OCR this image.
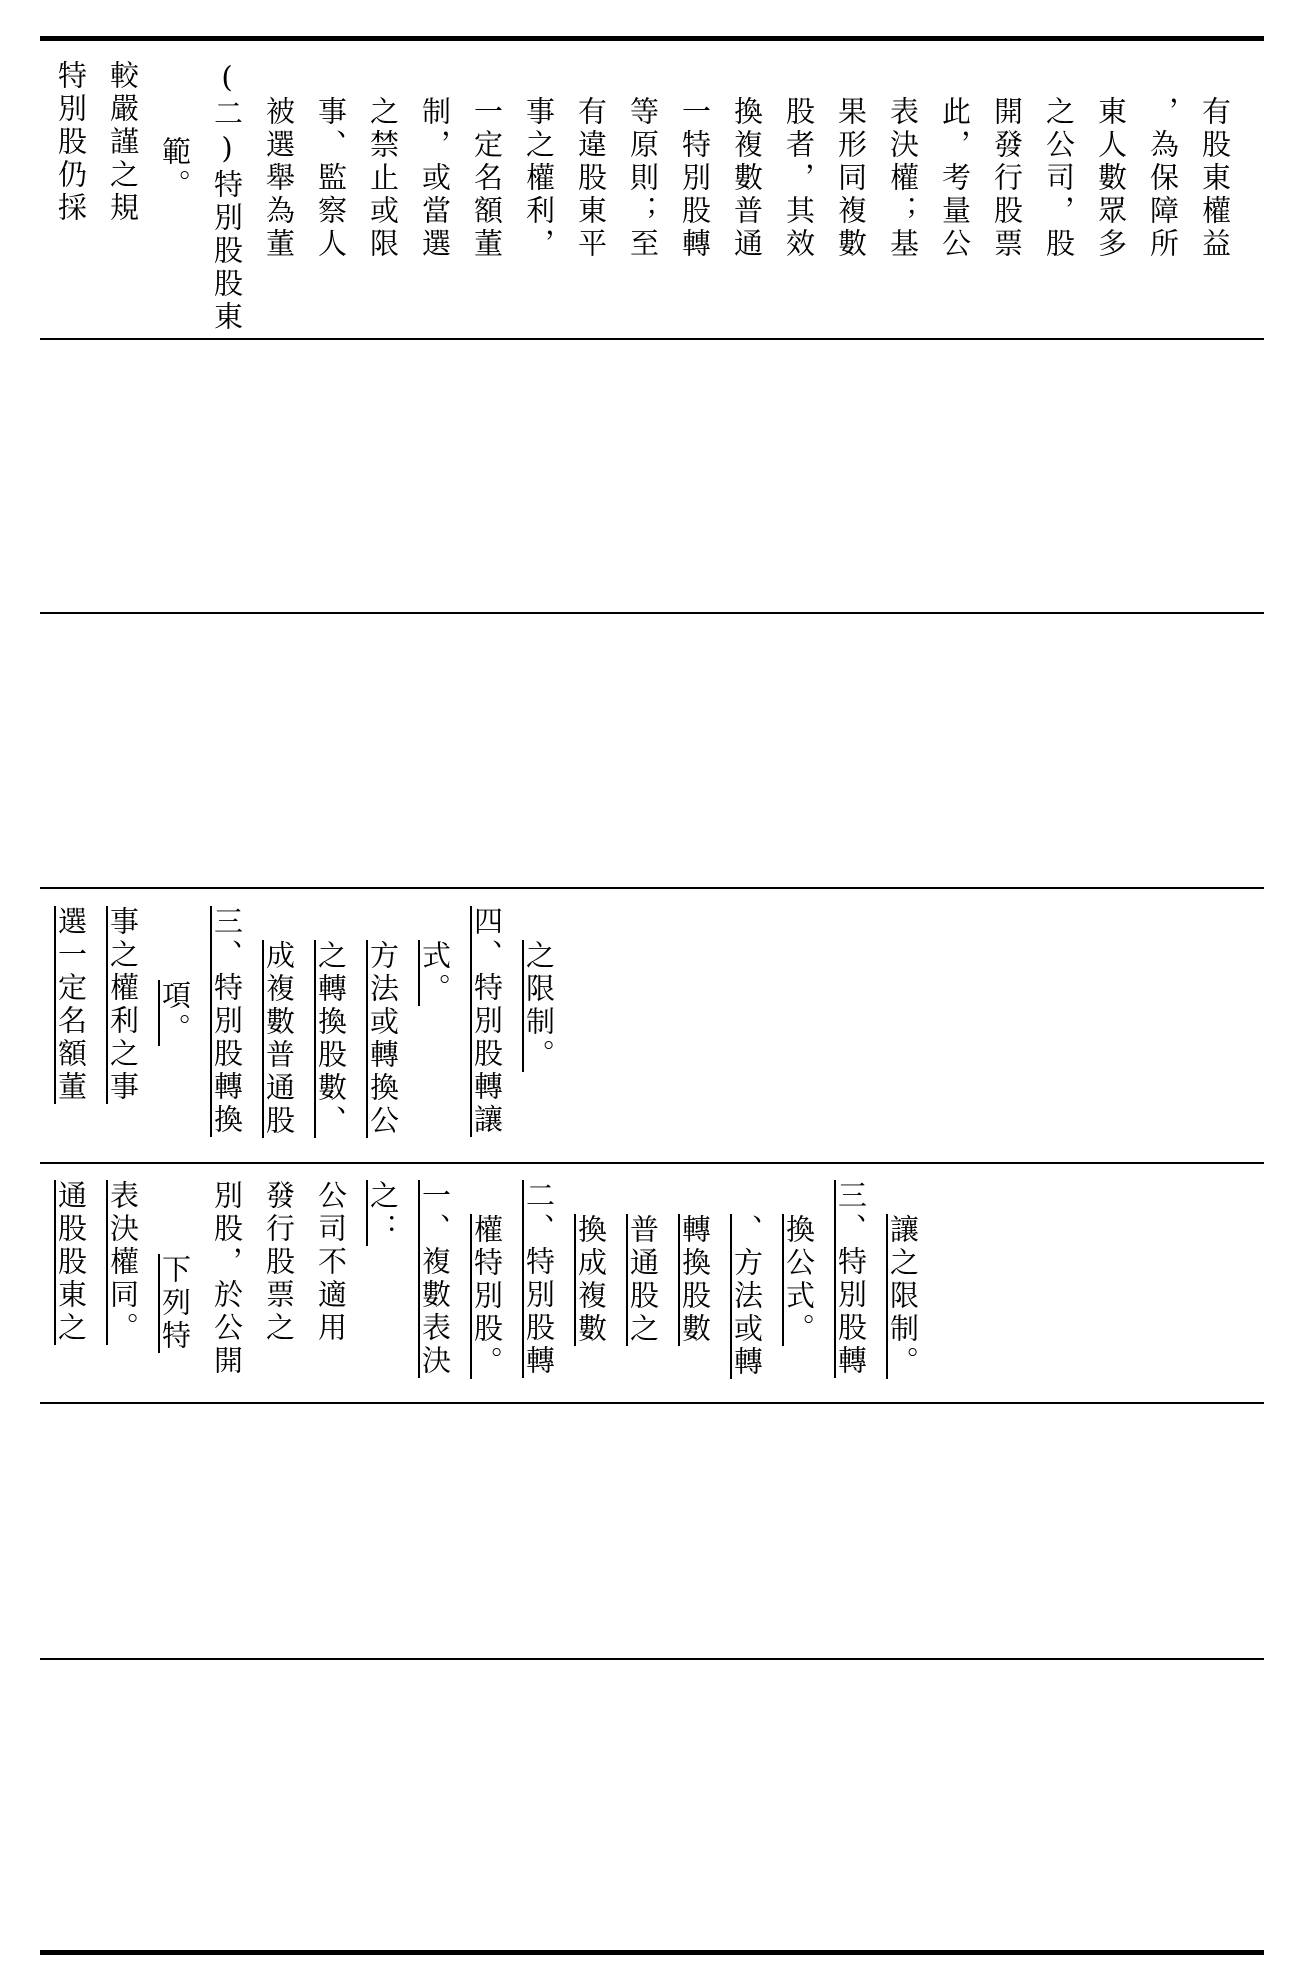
特別股仍採 較嚴謹之規 範。 (二)特別股股東 被選舉為董 事、監察人 之禁止或限 制，或當選 一定名額董 事之權利， 有違股東平 等原則；至 一特別股轉 換複數普通 股者，其效 果形同複數 表決權；基 此，考量公 開發行股票 之公司，股 東人數眾多 ，為保障所 有股東權益
選一定名額董 事之權利之事 項。 三、特別股轉換 成複數普通股 之轉換股數、 方法或轉換公 式。 四、特別股轉讓 之限制。
通股股東之 表決權同。 下列特 別股，於公開 發行股票之 公司不適用 之： 一、複數表決 權特別股。 二、特別股轉 換成複數 普通股之 轉換股數 、方法或轉 換公式。 三、特別股轉 讓之限制。
